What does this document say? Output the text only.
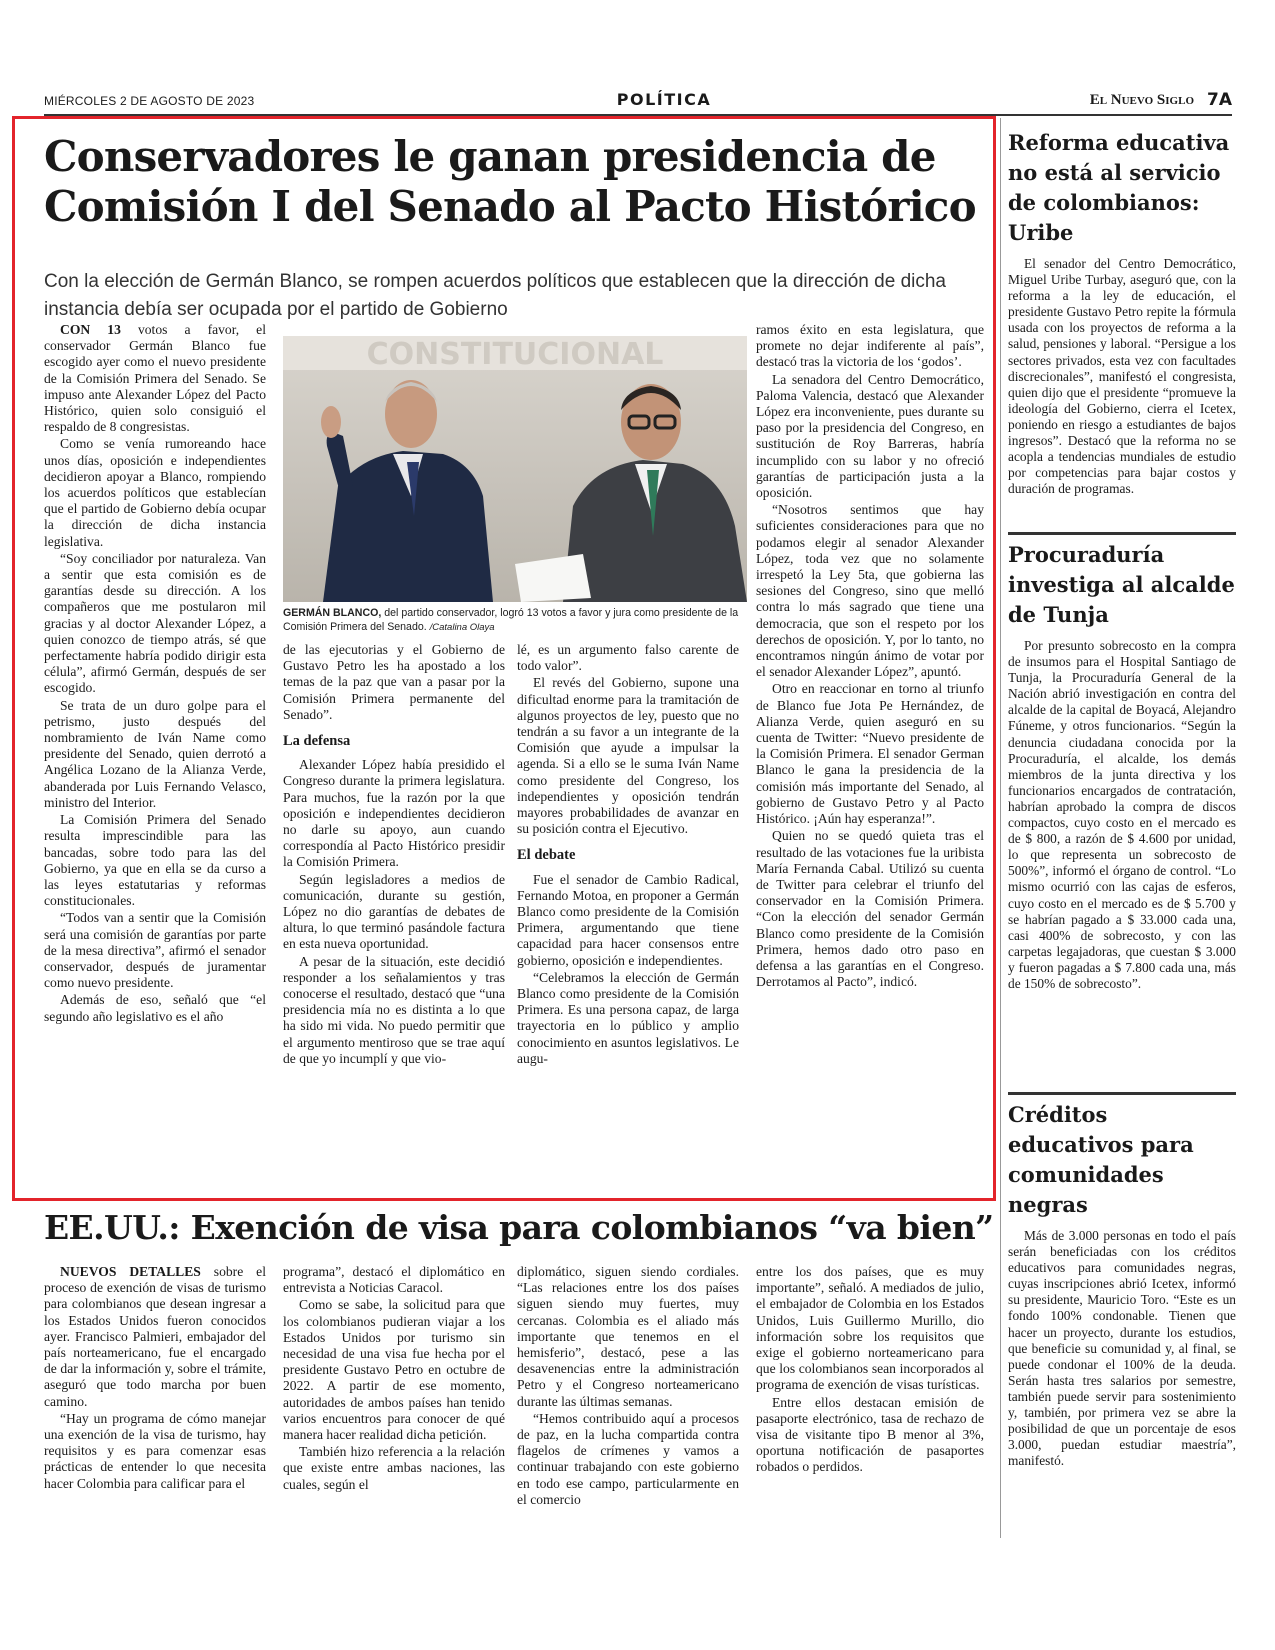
MIÉRCOLES 2 DE AGOSTO DE 2023	POLÍTICA	El Nuevo Siglo 7A
Conservadores le ganan presidencia de Comisión I del Senado al Pacto Histórico
Con la elección de Germán Blanco, se rompen acuerdos políticos que establecen que la dirección de dicha instancia debía ser ocupada por el partido de Gobierno

CON 13 votos a favor, el conservador Germán Blanco fue escogido ayer como el nuevo presidente de la Comisión Primera del Senado. Se impuso ante Alexander López del Pacto Histórico, quien solo consiguió el respaldo de 8 congresistas.

Como se venía rumoreando hace unos días, oposición e independientes decidieron apoyar a Blanco, rompiendo los acuerdos políticos que establecían que el partido de Gobierno debía ocupar la dirección de dicha instancia legislativa.

“Soy conciliador por naturaleza. Van a sentir que esta comisión es de garantías desde su dirección. A los compañeros que me postularon mil gracias y al doctor Alexander López, a quien conozco de tiempo atrás, sé que perfectamente habría podido dirigir esta célula”, afirmó Germán, después de ser escogido.

Se trata de un duro golpe para el petrismo, justo después del nombramiento de Iván Name como presidente del Senado, quien derrotó a Angélica Lozano de la Alianza Verde, abanderada por Luis Fernando Velasco, ministro del Interior.

La Comisión Primera del Senado resulta imprescindible para las bancadas, sobre todo para las del Gobierno, ya que en ella se da curso a las leyes estatutarias y reformas constitucionales.

“Todos van a sentir que la Comisión será una comisión de garantías por parte de la mesa directiva”, afirmó el senador conservador, después de juramentar como nuevo presidente.

Además de eso, señaló que “el segundo año legislativo es el año

CONSTITUCIONAL
GERMÁN BLANCO, del partido conservador, logró 13 votos a favor y jura como presidente de la Comisión Primera del Senado. /Catalina Olaya

de las ejecutorias y el Gobierno de Gustavo Petro les ha apostado a los temas de la paz que van a pasar por la Comisión Primera permanente del Senado”.

La defensa

Alexander López había presidido el Congreso durante la primera legislatura. Para muchos, fue la razón por la que oposición e independientes decidieron no darle su apoyo, aun cuando correspondía al Pacto Histórico presidir la Comisión Primera.

Según legisladores a medios de comunicación, durante su gestión, López no dio garantías de debates de altura, lo que terminó pasándole factura en esta nueva oportunidad.

A pesar de la situación, este decidió responder a los señalamientos y tras conocerse el resultado, destacó que “una presidencia mía no es distinta a lo que ha sido mi vida. No puedo permitir que el argumento mentiroso que se trae aquí de que yo incumplí y que vio-

lé, es un argumento falso carente de todo valor”.

El revés del Gobierno, supone una dificultad enorme para la tramitación de algunos proyectos de ley, puesto que no tendrán a su favor a un integrante de la Comisión que ayude a impulsar la agenda. Si a ello se le suma Iván Name como presidente del Congreso, los independientes y oposición tendrán mayores probabilidades de avanzar en su posición contra el Ejecutivo.

El debate

Fue el senador de Cambio Radical, Fernando Motoa, en proponer a Germán Blanco como presidente de la Comisión Primera, argumentando que tiene capacidad para hacer consensos entre gobierno, oposición e independientes.

“Celebramos la elección de Germán Blanco como presidente de la Comisión Primera. Es una persona capaz, de larga trayectoria en lo público y amplio conocimiento en asuntos legislativos. Le augu-

ramos éxito en esta legislatura, que promete no dejar indiferente al país”, destacó tras la victoria de los ‘godos’.

La senadora del Centro Democrático, Paloma Valencia, destacó que Alexander López era inconveniente, pues durante su paso por la presidencia del Congreso, en sustitución de Roy Barreras, habría incumplido con su labor y no ofreció garantías de participación justa a la oposición.

“Nosotros sentimos que hay suficientes consideraciones para que no podamos elegir al senador Alexander López, toda vez que no solamente irrespetó la Ley 5ta, que gobierna las sesiones del Congreso, sino que melló contra lo más sagrado que tiene una democracia, que son el respeto por los derechos de oposición. Y, por lo tanto, no encontramos ningún ánimo de votar por el senador Alexander López”, apuntó.

Otro en reaccionar en torno al triunfo de Blanco fue Jota Pe Hernández, de Alianza Verde, quien aseguró en su cuenta de Twitter: “Nuevo presidente de la Comisión Primera. El senador German Blanco le gana la presidencia de la comisión más importante del Senado, al gobierno de Gustavo Petro y al Pacto Histórico. ¡Aún hay esperanza!”.

Quien no se quedó quieta tras el resultado de las votaciones fue la uribista María Fernanda Cabal. Utilizó su cuenta de Twitter para celebrar el triunfo del conservador en la Comisión Primera. “Con la elección del senador Germán Blanco como presidente de la Comisión Primera, hemos dado otro paso en defensa a las garantías en el Congreso. Derrotamos al Pacto”, indicó.

Reforma educativa no está al servicio de colombianos: Uribe

El senador del Centro Democrático, Miguel Uribe Turbay, aseguró que, con la reforma a la ley de educación, el presidente Gustavo Petro repite la fórmula usada con los proyectos de reforma a la salud, pensiones y laboral. “Persigue a los sectores privados, esta vez con facultades discrecionales”, manifestó el congresista, quien dijo que el presidente “promueve la ideología del Gobierno, cierra el Icetex, poniendo en riesgo a estudiantes de bajos ingresos”. Destacó que la reforma no se acopla a tendencias mundiales de estudio por competencias para bajar costos y duración de programas.

Procuraduría investiga al alcalde de Tunja

Por presunto sobrecosto en la compra de insumos para el Hospital Santiago de Tunja, la Procuraduría General de la Nación abrió investigación en contra del alcalde de la capital de Boyacá, Alejandro Fúneme, y otros funcionarios. “Según la denuncia ciudadana conocida por la Procuraduría, el alcalde, los demás miembros de la junta directiva y los funcionarios encargados de contratación, habrían aprobado la compra de discos compactos, cuyo costo en el mercado es de $ 800, a razón de $ 4.600 por unidad, lo que representa un sobrecosto de 500%”, informó el órgano de control. “Lo mismo ocurrió con las cajas de esferos, cuyo costo en el mercado es de $ 5.700 y se habrían pagado a $ 33.000 cada una, casi 400% de sobrecosto, y con las carpetas legajadoras, que cuestan $ 3.000 y fueron pagadas a $ 7.800 cada una, más de 150% de sobrecosto”.

Créditos educativos para comunidades negras

Más de 3.000 personas en todo el país serán beneficiadas con los créditos educativos para comunidades negras, cuyas inscripciones abrió Icetex, informó su presidente, Mauricio Toro. “Este es un fondo 100% condonable. Tienen que hacer un proyecto, durante los estudios, que beneficie su comunidad y, al final, se puede condonar el 100% de la deuda. Serán hasta tres salarios por semestre, también puede servir para sostenimiento y, también, por primera vez se abre la posibilidad de que un porcentaje de esos 3.000, puedan estudiar maestría”, manifestó.

EE.UU.: Exención de visa para colombianos “va bien”

NUEVOS DETALLES sobre el proceso de exención de visas de turismo para colombianos que desean ingresar a los Estados Unidos fueron conocidos ayer. Francisco Palmieri, embajador del país norteamericano, fue el encargado de dar la información y, sobre el trámite, aseguró que todo marcha por buen camino.

“Hay un programa de cómo manejar una exención de la visa de turismo, hay requisitos y es para comenzar esas prácticas de entender lo que necesita hacer Colombia para calificar para el

programa”, destacó el diplomático en entrevista a Noticias Caracol.

Como se sabe, la solicitud para que los colombianos pudieran viajar a los Estados Unidos por turismo sin necesidad de una visa fue hecha por el presidente Gustavo Petro en octubre de 2022. A partir de ese momento, autoridades de ambos países han tenido varios encuentros para conocer de qué manera hacer realidad dicha petición.

También hizo referencia a la relación que existe entre ambas naciones, las cuales, según el

diplomático, siguen siendo cordiales. “Las relaciones entre los dos países siguen siendo muy fuertes, muy cercanas. Colombia es el aliado más importante que tenemos en el hemisferio”, destacó, pese a las desavenencias entre la administración Petro y el Congreso norteamericano durante las últimas semanas.

“Hemos contribuido aquí a procesos de paz, en la lucha compartida contra flagelos de crímenes y vamos a continuar trabajando con este gobierno en todo ese campo, particularmente en el comercio

entre los dos países, que es muy importante”, señaló. A mediados de julio, el embajador de Colombia en los Estados Unidos, Luis Guillermo Murillo, dio información sobre los requisitos que exige el gobierno norteamericano para que los colombianos sean incorporados al programa de exención de visas turísticas.

Entre ellos destacan emisión de pasaporte electrónico, tasa de rechazo de visa de visitante tipo B menor al 3%, oportuna notificación de pasaportes robados o perdidos.
